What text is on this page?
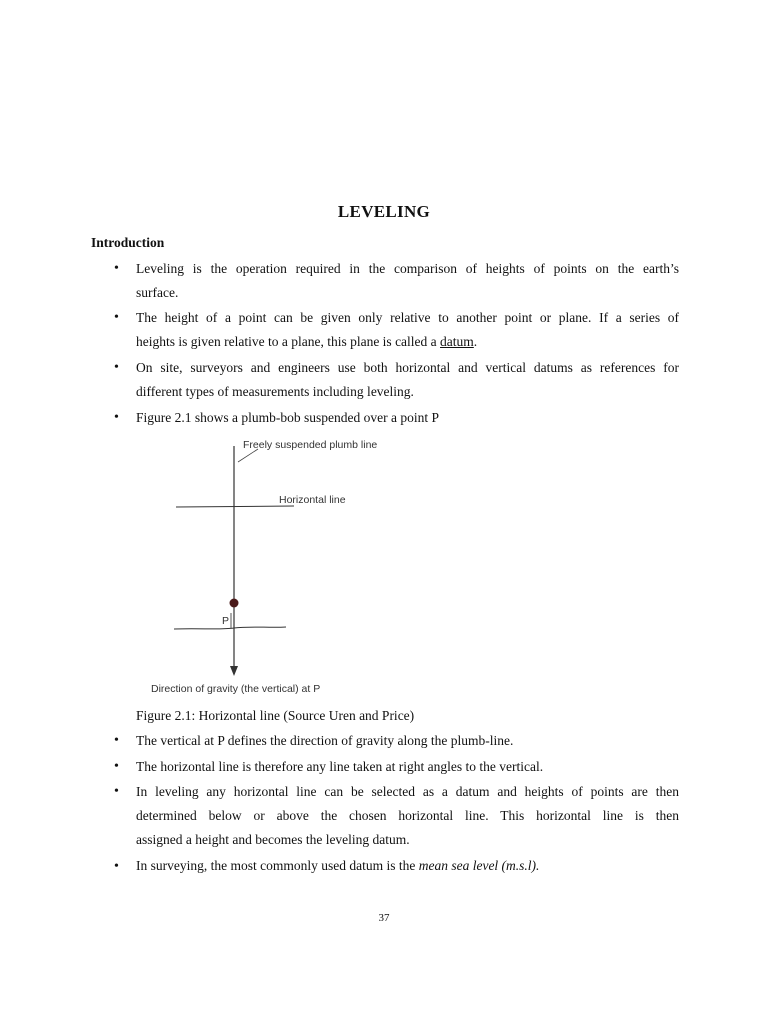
LEVELING
Introduction
• Leveling is the operation required in the comparison of heights of points on the earth’s
surface.
• The height of a point can be given only relative to another point or plane. If a series of
heights is given relative to a plane, this plane is called a datum.
• On site, surveyors and engineers use both horizontal and vertical datums as references for
different types of measurements including leveling.
• Figure 2.1 shows a plumb-bob suspended over a point P
Freely suspended plumb line
Horizontal line
P
Direction of gravity (the vertical) at P
Figure 2.1: Horizontal line (Source Uren and Price)
• The vertical at P defines the direction of gravity along the plumb-line.
• The horizontal line is therefore any line taken at right angles to the vertical.
• In leveling any horizontal line can be selected as a datum and heights of points are then
determined below or above the chosen horizontal line. This horizontal line is then
assigned a height and becomes the leveling datum.
• In surveying, the most commonly used datum is the mean sea level (m.s.l).
37
